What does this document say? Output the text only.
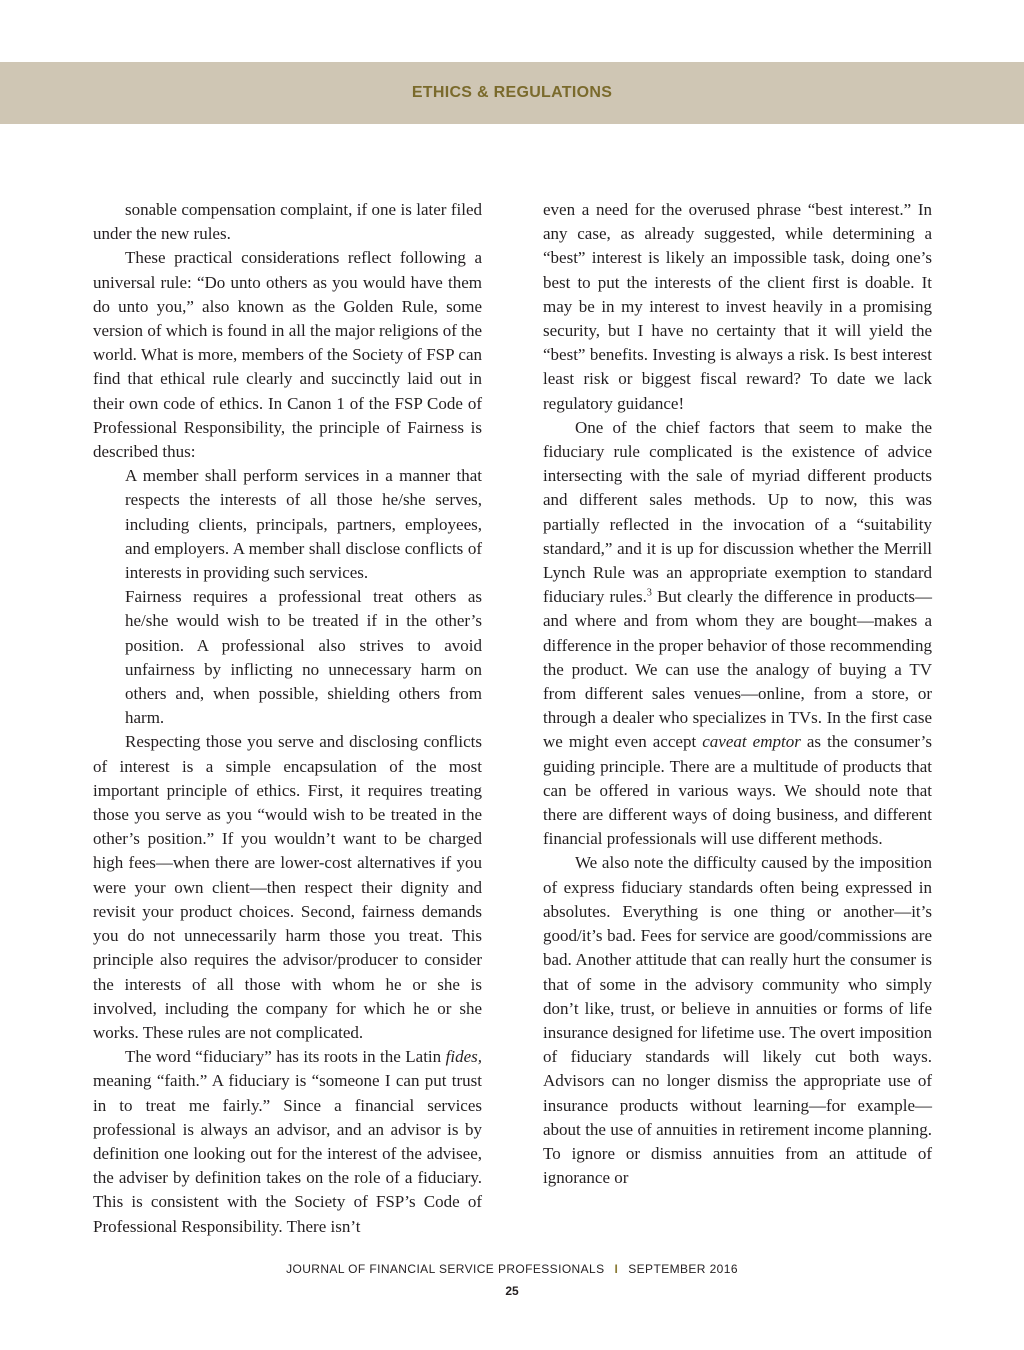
ETHICS & REGULATIONS

sonable compensation complaint, if one is later filed under the new rules.

These practical considerations reflect following a universal rule: “Do unto others as you would have them do unto you,” also known as the Golden Rule, some version of which is found in all the major religions of the world. What is more, members of the Society of FSP can find that ethical rule clearly and succinctly laid out in their own code of ethics. In Canon 1 of the FSP Code of Professional Responsibility, the principle of Fairness is described thus:

A member shall perform services in a manner that respects the interests of all those he/she serves, including clients, principals, partners, employees, and employers. A member shall disclose conflicts of interests in providing such services.

Fairness requires a professional treat others as he/she would wish to be treated if in the other’s position. A professional also strives to avoid unfairness by inflicting no unnecessary harm on others and, when possible, shielding others from harm.

Respecting those you serve and disclosing conflicts of interest is a simple encapsulation of the most important principle of ethics. First, it requires treating those you serve as you “would wish to be treated in the other’s position.” If you wouldn’t want to be charged high fees—when there are lower-cost alternatives if you were your own client—then respect their dignity and revisit your product choices. Second, fairness demands you do not unnecessarily harm those you treat. This principle also requires the advisor/producer to consider the interests of all those with whom he or she is involved, including the company for which he or she works. These rules are not complicated.

The word “fiduciary” has its roots in the Latin fides, meaning “faith.” A fiduciary is “someone I can put trust in to treat me fairly.” Since a financial services professional is always an advisor, and an advisor is by definition one looking out for the interest of the advisee, the adviser by definition takes on the role of a fiduciary. This is consistent with the Society of FSP’s Code of Professional Responsibility. There isn’t

even a need for the overused phrase “best interest.” In any case, as already suggested, while determining a “best” interest is likely an impossible task, doing one’s best to put the interests of the client first is doable. It may be in my interest to invest heavily in a promising security, but I have no certainty that it will yield the “best” benefits. Investing is always a risk. Is best interest least risk or biggest fiscal reward? To date we lack regulatory guidance!

One of the chief factors that seem to make the fiduciary rule complicated is the existence of advice intersecting with the sale of myriad different products and different sales methods. Up to now, this was partially reflected in the invocation of a “suitability standard,” and it is up for discussion whether the Merrill Lynch Rule was an appropriate exemption to standard fiduciary rules.$^3$ But clearly the difference in products—and where and from whom they are bought—makes a difference in the proper behavior of those recommending the product. We can use the analogy of buying a TV from different sales venues—online, from a store, or through a dealer who specializes in TVs. In the first case we might even accept caveat emptor as the consumer’s guiding principle. There are a multitude of products that can be offered in various ways. We should note that there are different ways of doing business, and different financial professionals will use different methods.

We also note the difficulty caused by the imposition of express fiduciary standards often being expressed in absolutes. Everything is one thing or another—it’s good/it’s bad. Fees for service are good/commissions are bad. Another attitude that can really hurt the consumer is that of some in the advisory community who simply don’t like, trust, or believe in annuities or forms of life insurance designed for lifetime use. The overt imposition of fiduciary standards will likely cut both ways. Advisors can no longer dismiss the appropriate use of insurance products without learning—for example—about the use of annuities in retirement income planning. To ignore or dismiss annuities from an attitude of ignorance or

JOURNAL OF FINANCIAL SERVICE PROFESSIONALS I SEPTEMBER 2016
25
